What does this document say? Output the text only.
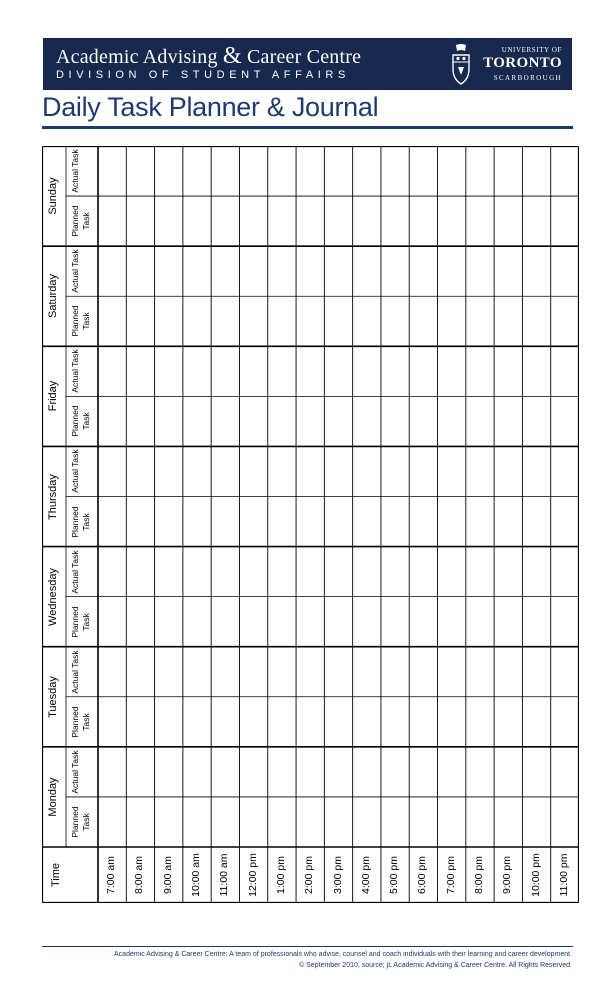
Academic Advising & Career Centre
DIVISION OF STUDENT AFFAIRS
UNIVERSITY OF
TORONTO
SCARBOROUGH
Daily Task Planner & Journal
Monday
Planned Task
Actual Task
Tuesday
Planned Task
Actual Task
Wednesday Planned Task
Actual Task
Thursday
Planned Task
Actual Task
Friday
Planned Task
Actual Task
Saturday
Planned Task
Actual Task
Sunday
Planned Task
Actual Task
Time	7:00 am 8:00 am 9:00 am 10:00 am 11:00 am 12:00 pm 1:00 pm 2:00 pm 3:00 pm 4:00 pm 5:00 pm 6:00 pm 7:00 pm 8:00 pm 9:00 pm 10:00 pm 11:00 pm
Academic Advising & Career Centre: A team of professionals who advise, counsel and coach individuals with their learning and career development.
© September 2010, source; jL Academic Advising & Career Centre. All Rights Reserved.
